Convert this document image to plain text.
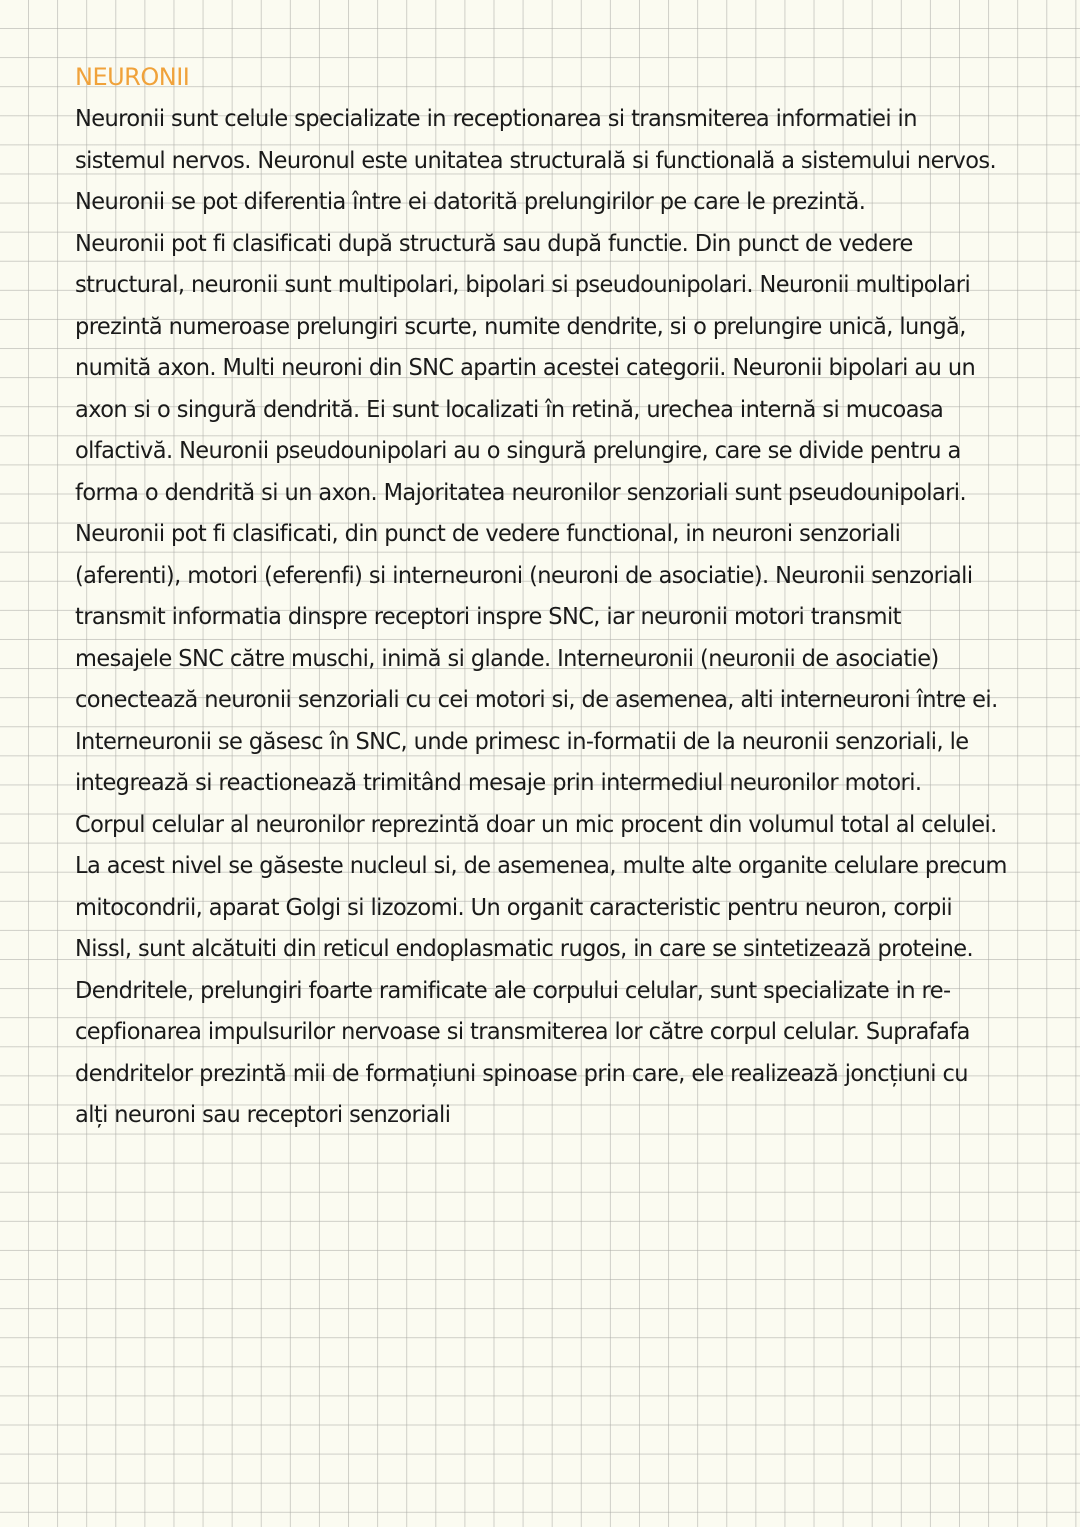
NEURONII
Neuronii sunt celule specializate in receptionarea si transmiterea informatiei in
sistemul nervos. Neuronul este unitatea structurală si functională a sistemului nervos.
Neuronii se pot diferentia între ei datorită prelungirilor pe care le prezintă.
Neuronii pot fi clasificati după structură sau după functie. Din punct de vedere
structural, neuronii sunt multipolari, bipolari si pseudounipolari. Neuronii multipolari
prezintă numeroase prelungiri scurte, numite dendrite, si o prelungire unică, lungă,
numită axon. Multi neuroni din SNC apartin acestei categorii. Neuronii bipolari au un
axon si o singură dendrită. Ei sunt localizati în retină, urechea internă si mucoasa
olfactivă. Neuronii pseudounipolari au o singură prelungire, care se divide pentru a
forma o dendrită si un axon. Majoritatea neuronilor senzoriali sunt pseudounipolari.
Neuronii pot fi clasificati, din punct de vedere functional, in neuroni senzoriali
(aferenti), motori (eferenfi) si interneuroni (neuroni de asociatie). Neuronii senzoriali
transmit informatia dinspre receptori inspre SNC, iar neuronii motori transmit
mesajele SNC către muschi, inimă si glande. Interneuronii (neuronii de asociatie)
conectează neuronii senzoriali cu cei motori si, de asemenea, alti interneuroni între ei.
Interneuronii se găsesc în SNC, unde primesc in-formatii de la neuronii senzoriali, le
integrează si reactionează trimitând mesaje prin intermediul neuronilor motori.
Corpul celular al neuronilor reprezintă doar un mic procent din volumul total al celulei.
La acest nivel se găseste nucleul si, de asemenea, multe alte organite celulare precum
mitocondrii, aparat Golgi si lizozomi. Un organit caracteristic pentru neuron, corpii
Nissl, sunt alcătuiti din reticul endoplasmatic rugos, in care se sintetizează proteine.
Dendritele, prelungiri foarte ramificate ale corpului celular, sunt specializate in re-
cepfionarea impulsurilor nervoase si transmiterea lor către corpul celular. Suprafafa
dendritelor prezintă mii de formațiuni spinoase prin care, ele realizează joncțiuni cu
alți neuroni sau receptori senzoriali
